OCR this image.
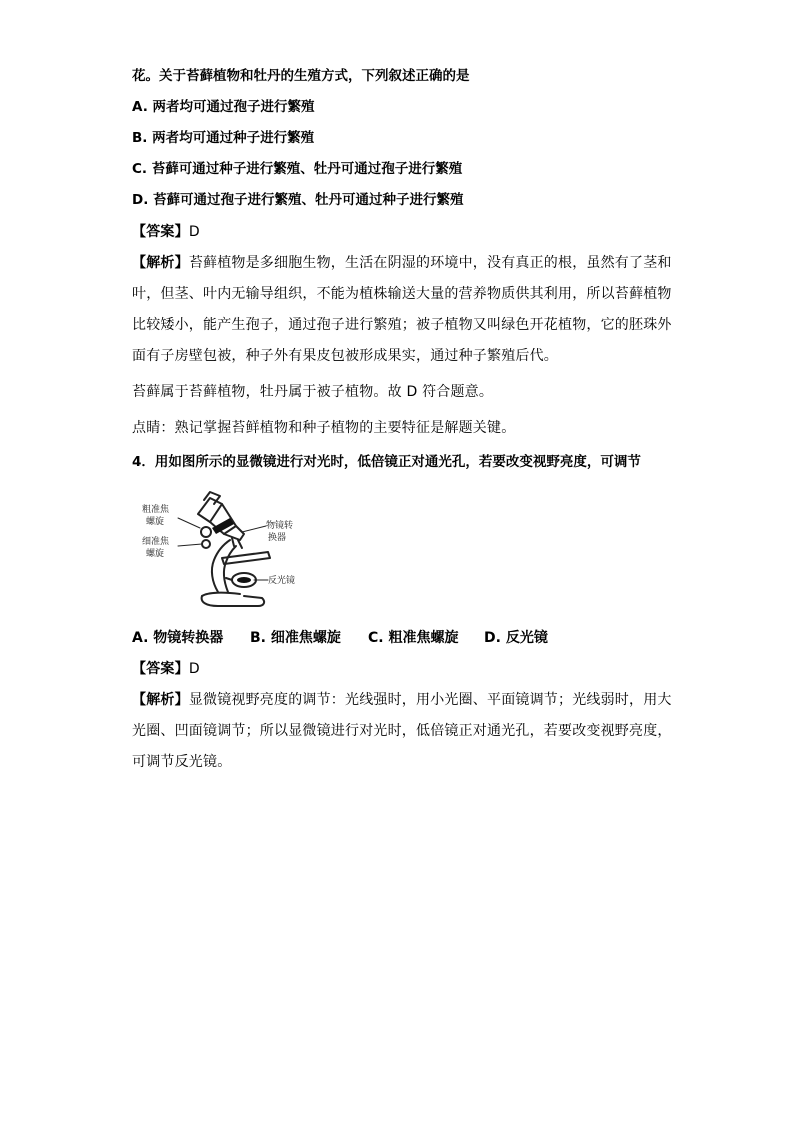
花。关于苔藓植物和牡丹的生殖方式，下列叙述正确的是
A. 两者均可通过孢子进行繁殖
B. 两者均可通过种子进行繁殖
C. 苔藓可通过种子进行繁殖、牡丹可通过孢子进行繁殖
D. 苔藓可通过孢子进行繁殖、牡丹可通过种子进行繁殖
【答案】D
【解析】苔藓植物是多细胞生物，生活在阴湿的环境中，没有真正的根，虽然有了茎和
叶，但茎、叶内无输导组织，不能为植株输送大量的营养物质供其利用，所以苔藓植物
比较矮小，能产生孢子，通过孢子进行繁殖；被子植物又叫绿色开花植物，它的胚珠外
面有子房壁包被，种子外有果皮包被形成果实，通过种子繁殖后代。
苔藓属于苔藓植物，牡丹属于被子植物。故 D 符合题意。
点睛：熟记掌握苔鲜植物和种子植物的主要特征是解题关键。
4．用如图所示的显微镜进行对光时，低倍镜正对通光孔，若要改变视野亮度，可调节
粗准焦
螺旋
细准焦
螺旋
物镜转
换器
反光镜
A. 物镜转换器 B. 细准焦螺旋 C. 粗准焦螺旋 D. 反光镜
【答案】D
【解析】显微镜视野亮度的调节：光线强时，用小光圈、平面镜调节；光线弱时，用大
光圈、凹面镜调节；所以显微镜进行对光时，低倍镜正对通光孔，若要改变视野亮度，
可调节反光镜。
